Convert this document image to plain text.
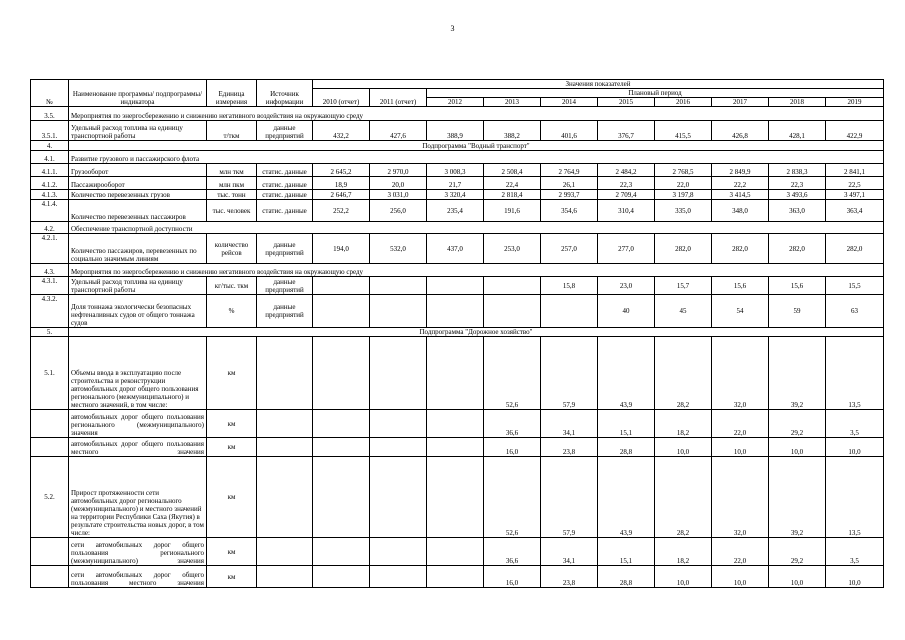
3
№	Наименование программы/ подпрограммы/ индикатора	Единица измерения	Источник информации	Значения показателей									
				2010 (отчет)	2011 (отчет)	Плановый период							
						2012	2013	2014	2015	2016	2017	2018	2019
3.5.	Мероприятия по энергосбережению и снижению негативного воздействия на окружающую среду												
3.5.1.	Удельный расход топлива на единицу транспортной работы	т/ткм	данные предприятий	432,2	427,6	388,9	388,2	401,6	376,7	415,5	426,8	428,1	422,9
4.	Подпрограмма "Водный транспорт"												
4.1.	Развитие грузового и пассажирского флота												
4.1.1.	Грузооборот	млн ткм	статис. данные	2 645,2	2 970,0	3 008,3	2 508,4	2 764,9	2 484,2	2 768,5	2 849,9	2 838,3	2 841,1
4.1.2.	Пассажирооборот	млн пкм	статис. данные	18,9	20,0	21,7	22,4	26,1	22,3	22,0	22,2	22,3	22,5
4.1.3.	Количество перевезенных грузов	тыс. тонн	статис. данные	2 646,7	3 031,0	3 320,4	2 818,4	2 993,7	2 709,4	3 197,8	3 414,5	3 493,6	3 497,1
4.1.4.	Количество перевезенных пассажиров	тыс. человек	статис. данные	252,2	256,0	235,4	191,6	354,6	310,4	335,0	348,0	363,0	363,4
4.2.	Обеспечение транспортной доступности												
4.2.1.	Количество пассажиров, перевезенных по социально значимым линиям	количество рейсов	данные предприятий	194,0	532,0	437,0	253,0	257,0	277,0	282,0	282,0	282,0	282,0
4.3.	Мероприятия по энергосбережению и снижению негативного воздействия на окружающую среду												
4.3.1.	Удельный расход топлива на единицу транспортной работы	кг/тыс. ткм	данные предприятий					15,8	23,0	15,7	15,6	15,6	15,5
4.3.2.	Доля тоннажа экологически безопасных нефтеналивных судов от общего тоннажа судов	%	данные предприятий						40	45	54	59	63
5.	Подпрограмма "Дорожное хозяйство"												
5.1.	Объемы ввода в эксплуатацию после строительства и реконструкции автомобильных дорог общего пользования регионального (межмуниципального) и местного значений, в том числе:	км					52,6	57,9	43,9	28,2	32,0	39,2	13,5
	автомобильных дорог общего пользования регионального (межмуниципального) значения	км					36,6	34,1	15,1	18,2	22,0	29,2	3,5
	автомобильных дорог общего пользования местного значения	км					16,0	23,8	28,8	10,0	10,0	10,0	10,0
5.2.	Прирост протяженности сети автомобильных дорог регионального (межмуниципального) и местного значений на территории Республики Саха (Якутия) в результате строительства новых дорог, в том числе:	км					52,6	57,9	43,9	28,2	32,0	39,2	13,5
	сети автомобильных дорог общего пользования регионального (межмуниципального) значения	км					36,6	34,1	15,1	18,2	22,0	29,2	3,5
	сети автомобильных дорог общего пользования местного значения	км					16,0	23,8	28,8	10,0	10,0	10,0	10,0
